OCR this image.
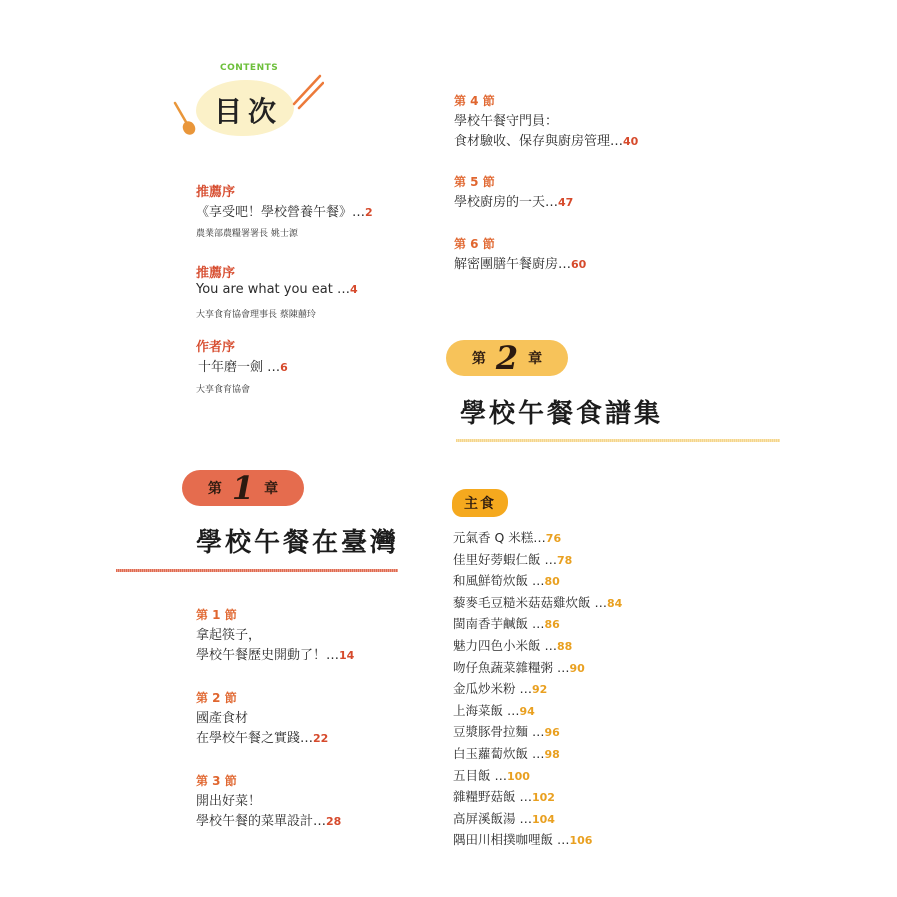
CONTENTS
目次
推薦序
《享受吧！學校營養午餐》…2
農業部農糧署署長 姚士源
推薦序
You are what you eat …4
大享食育協會理事長 蔡陳囍玲
作者序
十年磨一劍 …6
大享食育協會
第 1 章
學校午餐在臺灣
第 1 節
拿起筷子，
學校午餐歷史開動了！…14
第 2 節
國產食材
在學校午餐之實踐…22
第 3 節
開出好菜！
學校午餐的菜單設計…28
第 4 節
學校午餐守門員：
食材驗收、保存與廚房管理…40
第 5 節
學校廚房的一天…47
第 6 節
解密團膳午餐廚房…60
第 2 章
學校午餐食譜集
主食
元氣香 Q 米糕…76
佳里好蒡蝦仁飯 …78
和風鮮筍炊飯 …80
藜麥毛豆糙米菇菇雞炊飯 …84
閩南香芋鹹飯 …86
魅力四色小米飯 …88
吻仔魚蔬菜雜糧粥 …90
金瓜炒米粉 …92
上海菜飯 …94
豆漿豚骨拉麵 …96
白玉蘿蔔炊飯 …98
五目飯 …100
雜糧野菇飯 …102
高屏溪飯湯 …104
隅田川相撲咖哩飯 …106
